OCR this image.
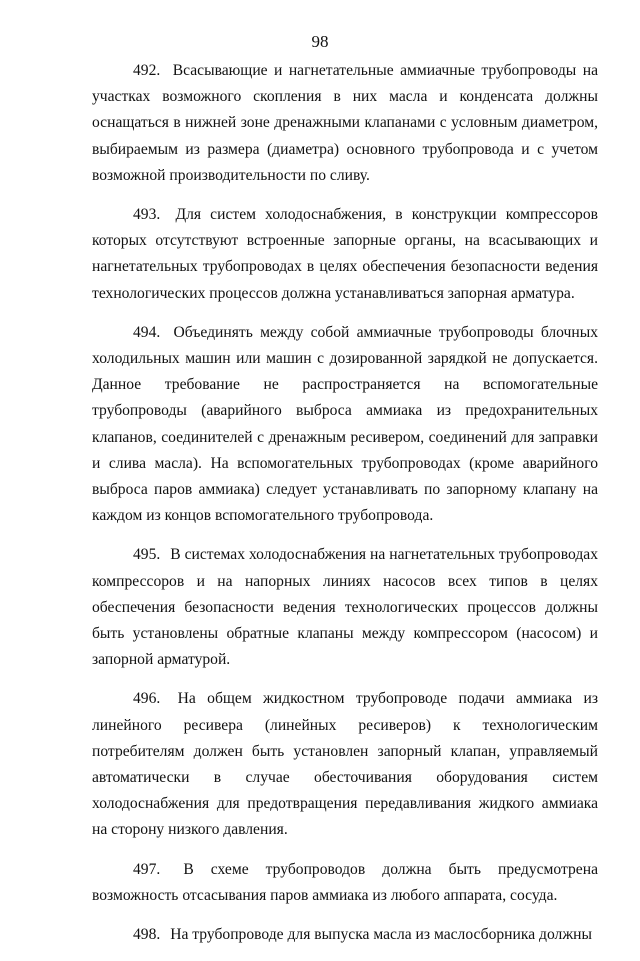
98

492. Всасывающие и нагнетательные аммиачные трубопроводы на участках возможного скопления в них масла и конденсата должны оснащаться в нижней зоне дренажными клапанами с условным диаметром, выбираемым из размера (диаметра) основного трубопровода и с учетом возможной производительности по сливу.

493. Для систем холодоснабжения, в конструкции компрессоров которых отсутствуют встроенные запорные органы, на всасывающих и нагнетательных трубопроводах в целях обеспечения безопасности ведения технологических процессов должна устанавливаться запорная арматура.

494. Объединять между собой аммиачные трубопроводы блочных холодильных машин или машин с дозированной зарядкой не допускается. Данное требование не распространяется на вспомогательные трубопроводы (аварийного выброса аммиака из предохранительных клапанов, соединителей с дренажным ресивером, соединений для заправки и слива масла). На вспомогательных трубопроводах (кроме аварийного выброса паров аммиака) следует устанавливать по запорному клапану на каждом из концов вспомогательного трубопровода.

495. В системах холодоснабжения на нагнетательных трубопроводах компрессоров и на напорных линиях насосов всех типов в целях обеспечения безопасности ведения технологических процессов должны быть установлены обратные клапаны между компрессором (насосом) и запорной арматурой.

496. На общем жидкостном трубопроводе подачи аммиака из линейного ресивера (линейных ресиверов) к технологическим потребителям должен быть установлен запорный клапан, управляемый автоматически в случае обесточивания оборудования систем холодоснабжения для предотвращения передавливания жидкого аммиака на сторону низкого давления.

497. В схеме трубопроводов должна быть предусмотрена возможность отсасывания паров аммиака из любого аппарата, сосуда.

498. На трубопроводе для выпуска масла из маслосборника должны
